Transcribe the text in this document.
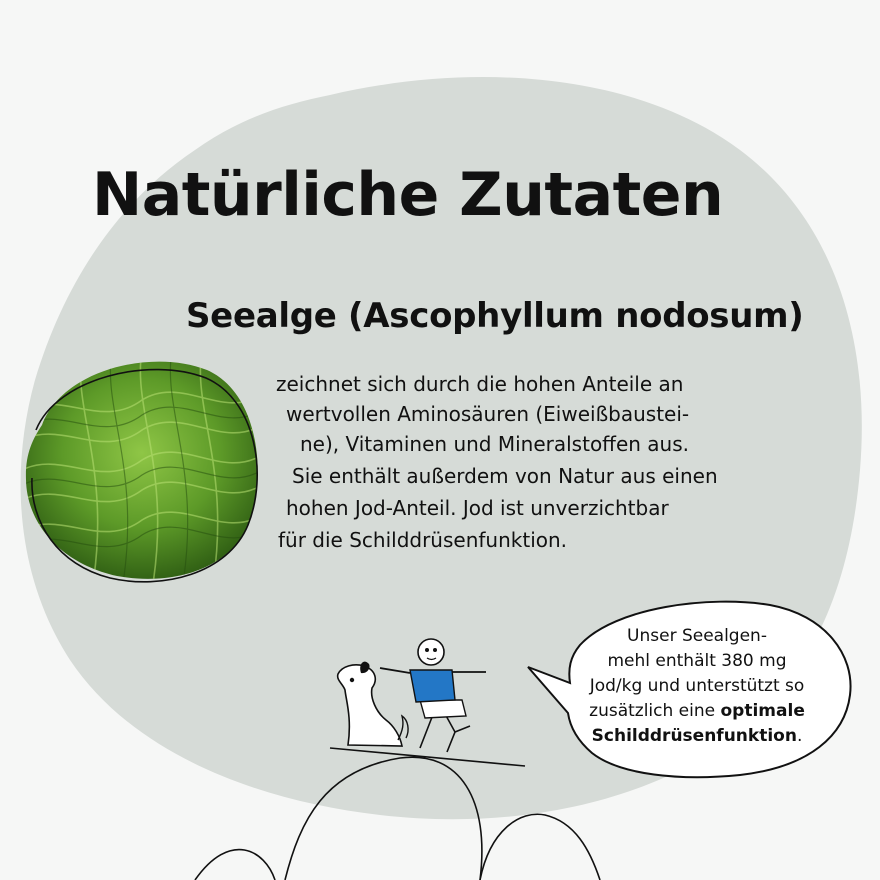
Natürliche Zutaten
Seealge (Ascophyllum nodosum)
zeichnet sich durch die hohen Anteile an
wertvollen Aminosäuren (Eiweißbaustei-
ne), Vitaminen und Mineralstoffen aus.
Sie enthält außerdem von Natur aus einen
hohen Jod-Anteil. Jod ist unverzichtbar
für die Schilddrüsenfunktion.
Unser Seealgen-
mehl enthält 380 mg
Jod/kg und unterstützt so
zusätzlich eine optimale
Schilddrüsenfunktion.
